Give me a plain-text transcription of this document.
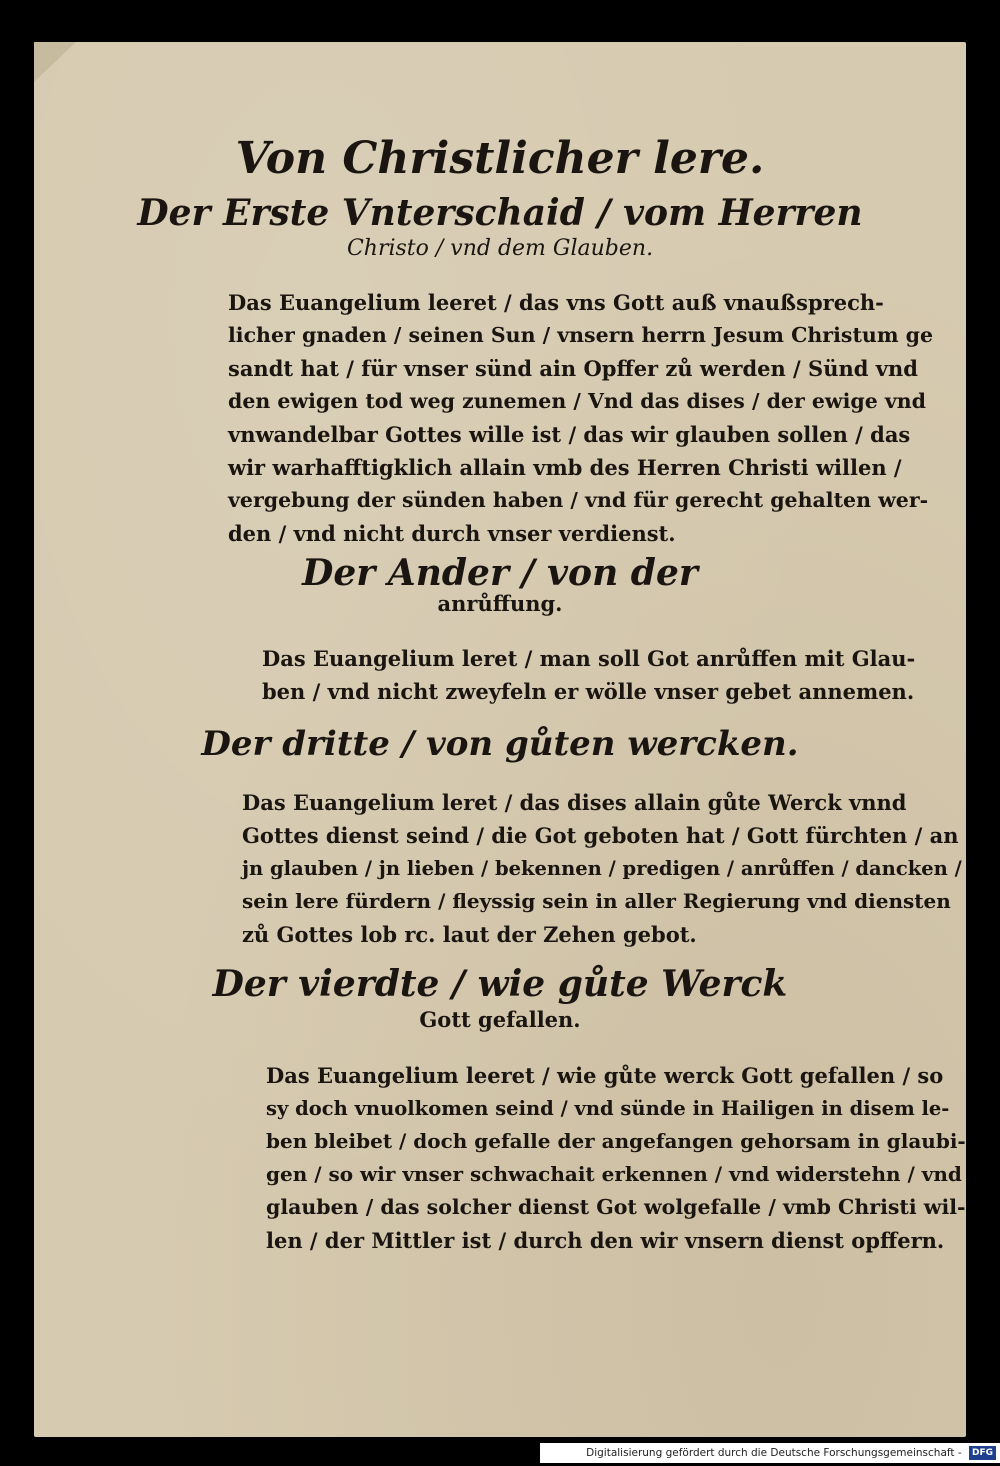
Von Christlicher lere.
Der Erste Vnterschaid / vom Herren
Christo / vnd dem Glauben.
Das Euangelium leeret / das vns Gott auß vnaußsprech-
licher gnaden / seinen Sun / vnsern herrn Jesum Christum ge
sandt hat / für vnser sünd ain Opffer zů werden / Sünd vnd
den ewigen tod weg zunemen / Vnd das dises / der ewige vnd
vnwandelbar Gottes wille ist / das wir glauben sollen / das
wir warhafftigklich allain vmb des Herren Christi willen /
vergebung der sünden haben / vnd für gerecht gehalten wer-
den / vnd nicht durch vnser verdienst.
Der Ander / von der
anrůffung.
Das Euangelium leret / man soll Got anrůffen mit Glau-
ben / vnd nicht zweyfeln er wölle vnser gebet annemen.
Der dritte / von gůten wercken.
Das Euangelium leret / das dises allain gůte Werck vnnd
Gottes dienst seind / die Got geboten hat / Gott fürchten / an
jn glauben / jn lieben / bekennen / predigen / anrůffen / dancken /
sein lere fürdern / fleyssig sein in aller Regierung vnd diensten
zů Gottes lob rc. laut der Zehen gebot.
Der vierdte / wie gůte Werck
Gott gefallen.
Das Euangelium leeret / wie gůte werck Gott gefallen / so
sy doch vnuolkomen seind / vnd sünde in Hailigen in disem le-
ben bleibet / doch gefalle der angefangen gehorsam in glaubi-
gen / so wir vnser schwachait erkennen / vnd widerstehn / vnd
glauben / das solcher dienst Got wolgefalle / vmb Christi wil-
len / der Mittler ist / durch den wir vnsern dienst opffern.
Digitalisierung gefördert durch die Deutsche Forschungsgemeinschaft - DFG
